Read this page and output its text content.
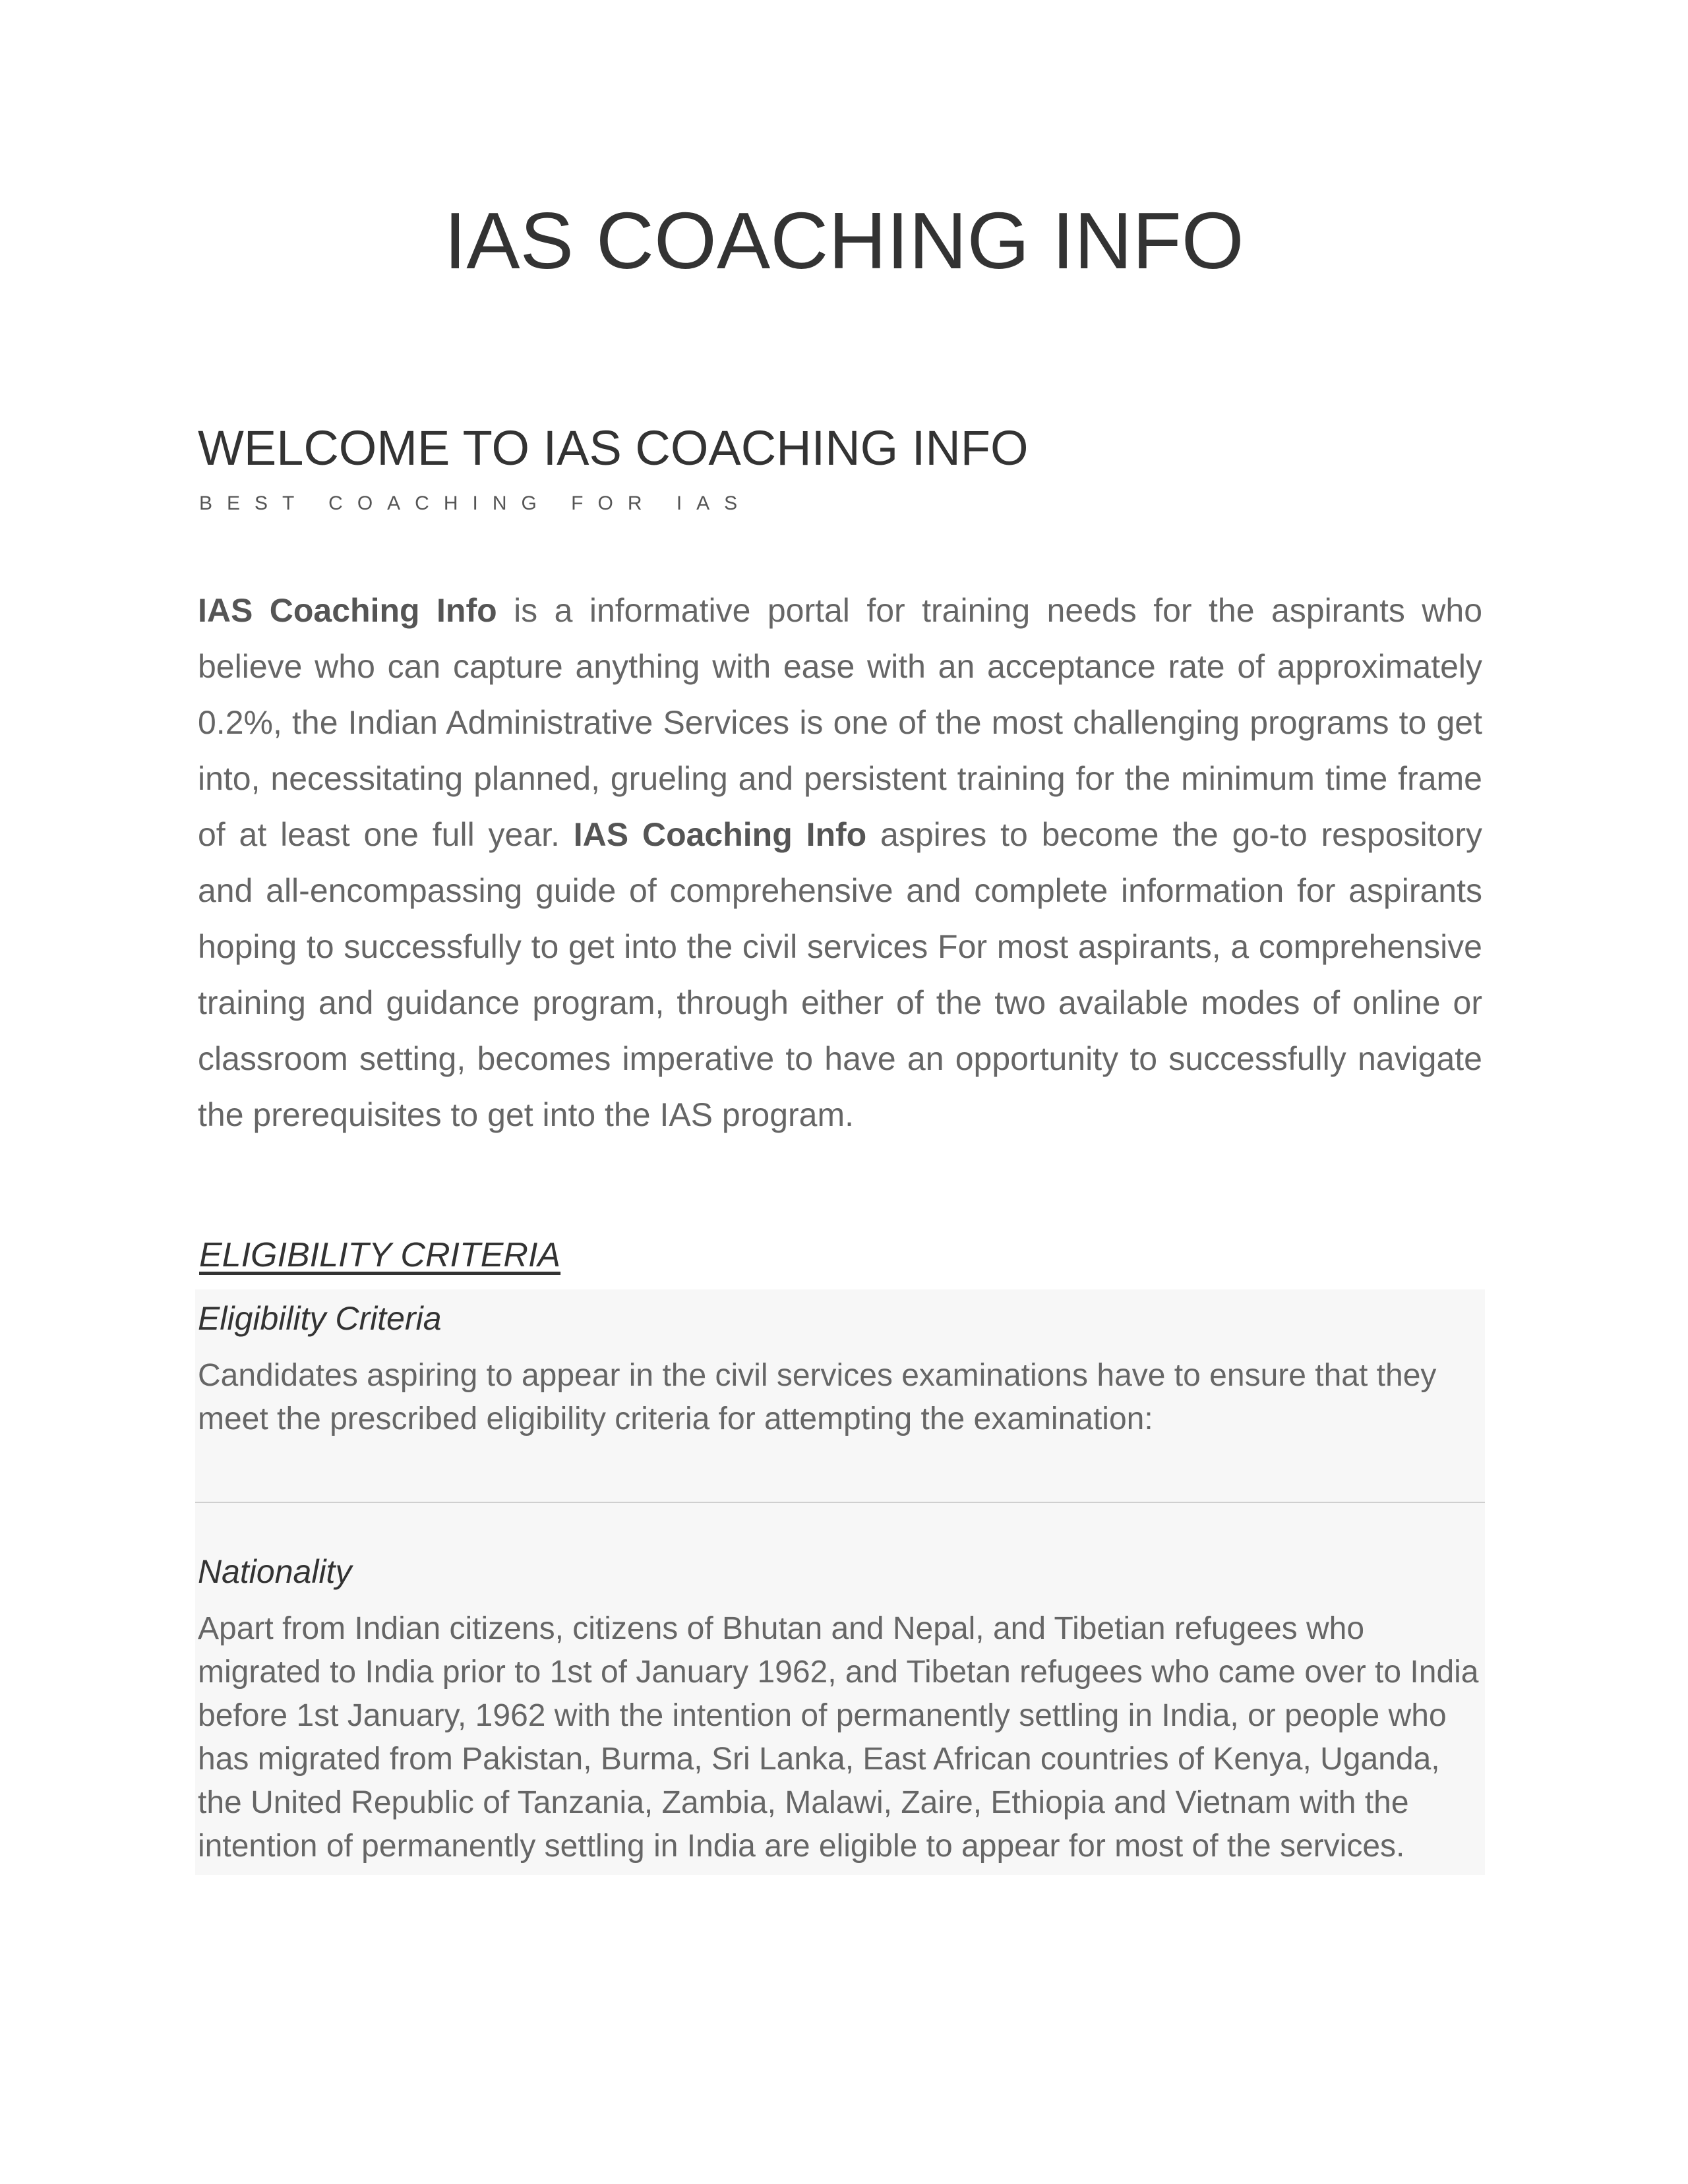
IAS COACHING INFO
WELCOME TO IAS COACHING INFO
BEST COACHING FOR IAS

IAS Coaching Info is a informative portal for training needs for the aspirants who believe who can capture anything with ease with an acceptance rate of approximately 0.2%, the Indian Administrative Services is one of the most challenging programs to get into, necessitating planned, grueling and persistent training for the minimum time frame of at least one full year. IAS Coaching Info aspires to become the go-to respository and all-encompassing guide of comprehensive and complete information for aspirants hoping to successfully to get into the civil services For most aspirants, a comprehensive training and guidance program, through either of the two available modes of online or classroom setting, becomes imperative to have an opportunity to successfully navigate the prerequisites to get into the IAS program.

ELIGIBILITY CRITERIA
Eligibility Criteria

Candidates aspiring to appear in the civil services examinations have to ensure that they meet the prescribed eligibility criteria for attempting the examination:

Nationality

Apart from Indian citizens, citizens of Bhutan and Nepal, and Tibetian refugees who migrated to India prior to 1st of January 1962, and Tibetan refugees who came over to India before 1st January, 1962 with the intention of permanently settling in India, or people who has migrated from Pakistan, Burma, Sri Lanka, East African countries of Kenya, Uganda, the United Republic of Tanzania, Zambia, Malawi, Zaire, Ethiopia and Vietnam with the intention of permanently settling in India are eligible to appear for most of the services.
